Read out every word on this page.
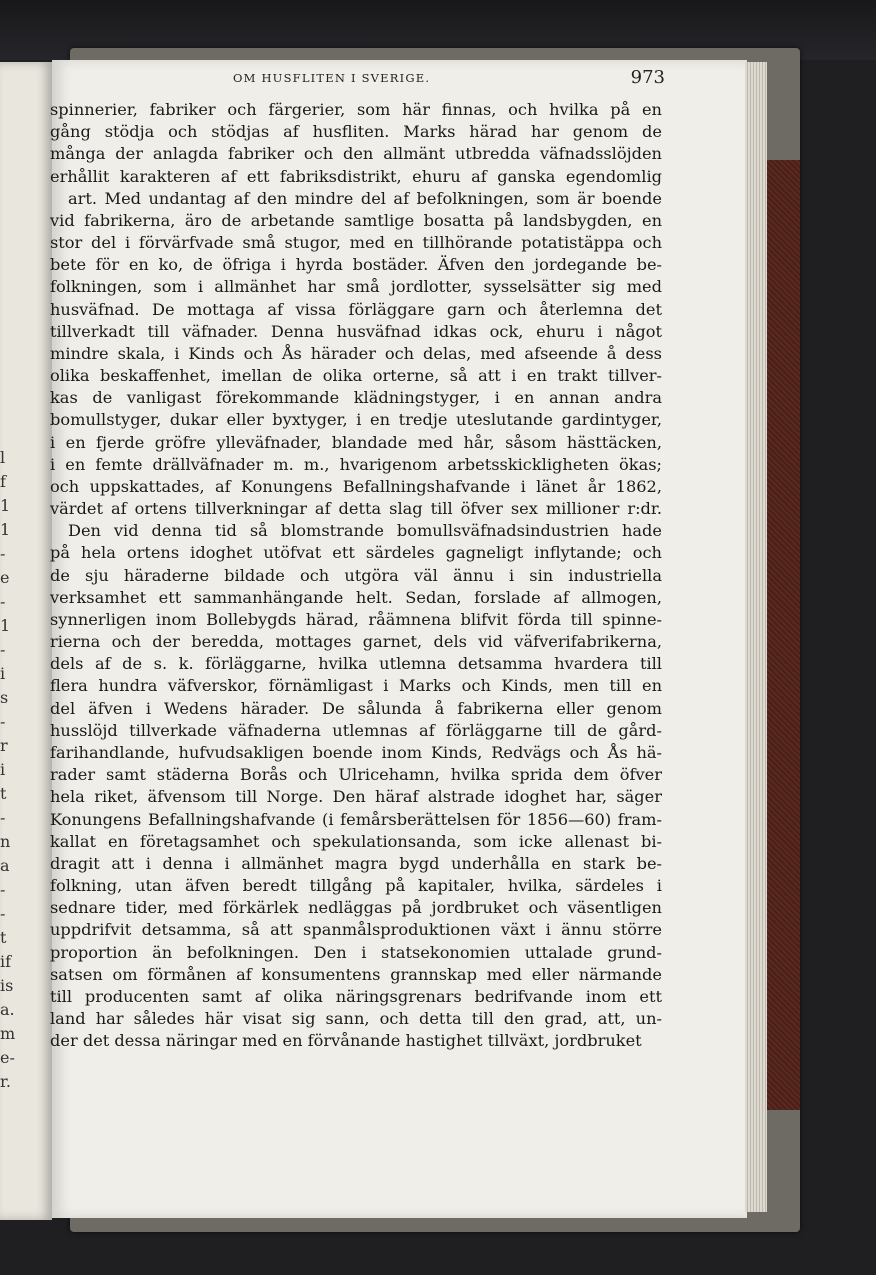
l
f
1
1
-
e
-
1
-
i
s
-
r
i
t
-
n
a
-
-
t
if
is
a.
m
e-
r.
OM HUSFLITEN I SVERIGE.	973
spinnerier, fabriker och färgerier, som här finnas, och hvilka på en
gång stödja och stödjas af husfliten. Marks härad har genom de
många der anlagda fabriker och den allmänt utbredda väfnadsslöjden
erhållit karakteren af ett fabriksdistrikt, ehuru af ganska egendomlig
art. Med undantag af den mindre del af befolkningen, som är boende
vid fabrikerna, äro de arbetande samtlige bosatta på landsbygden, en
stor del i förvärfvade små stugor, med en tillhörande potatistäppa och
bete för en ko, de öfriga i hyrda bostäder. Äfven den jordegande be-
folkningen, som i allmänhet har små jordlotter, sysselsätter sig med
husväfnad. De mottaga af vissa förläggare garn och återlemna det
tillverkadt till väfnader. Denna husväfnad idkas ock, ehuru i något
mindre skala, i Kinds och Ås härader och delas, med afseende å dess
olika beskaffenhet, imellan de olika orterne, så att i en trakt tillver-
kas de vanligast förekommande klädningstyger, i en annan andra
bomullstyger, dukar eller byxtyger, i en tredje uteslutande gardintyger,
i en fjerde gröfre ylleväfnader, blandade med hår, såsom hästtäcken,
i en femte drällväfnader m. m., hvarigenom arbetsskickligheten ökas;
och uppskattades, af Konungens Befallningshafvande i länet år 1862,
värdet af ortens tillverkningar af detta slag till öfver sex millioner r:dr.
Den vid denna tid så blomstrande bomullsväfnadsindustrien hade
på hela ortens idoghet utöfvat ett särdeles gagneligt inflytande; och
de sju häraderne bildade och utgöra väl ännu i sin industriella
verksamhet ett sammanhängande helt. Sedan, forslade af allmogen,
synnerligen inom Bollebygds härad, råämnena blifvit förda till spinne-
rierna och der beredda, mottages garnet, dels vid väfverifabrikerna,
dels af de s. k. förläggarne, hvilka utlemna detsamma hvardera till
flera hundra väfverskor, förnämligast i Marks och Kinds, men till en
del äfven i Wedens härader. De sålunda å fabrikerna eller genom
husslöjd tillverkade väfnaderna utlemnas af förläggarne till de gård-
farihandlande, hufvudsakligen boende inom Kinds, Redvägs och Ås hä-
rader samt städerna Borås och Ulricehamn, hvilka sprida dem öfver
hela riket, äfvensom till Norge. Den häraf alstrade idoghet har, säger
Konungens Befallningshafvande (i femårsberättelsen för 1856—60) fram-
kallat en företagsamhet och spekulationsanda, som icke allenast bi-
dragit att i denna i allmänhet magra bygd underhålla en stark be-
folkning, utan äfven beredt tillgång på kapitaler, hvilka, särdeles i
sednare tider, med förkärlek nedläggas på jordbruket och väsentligen
uppdrifvit detsamma, så att spanmålsproduktionen växt i ännu större
proportion än befolkningen. Den i statsekonomien uttalade grund-
satsen om förmånen af konsumentens grannskap med eller närmande
till producenten samt af olika näringsgrenars bedrifvande inom ett
land har således här visat sig sann, och detta till den grad, att, un-
der det dessa näringar med en förvånande hastighet tillväxt, jordbruket
